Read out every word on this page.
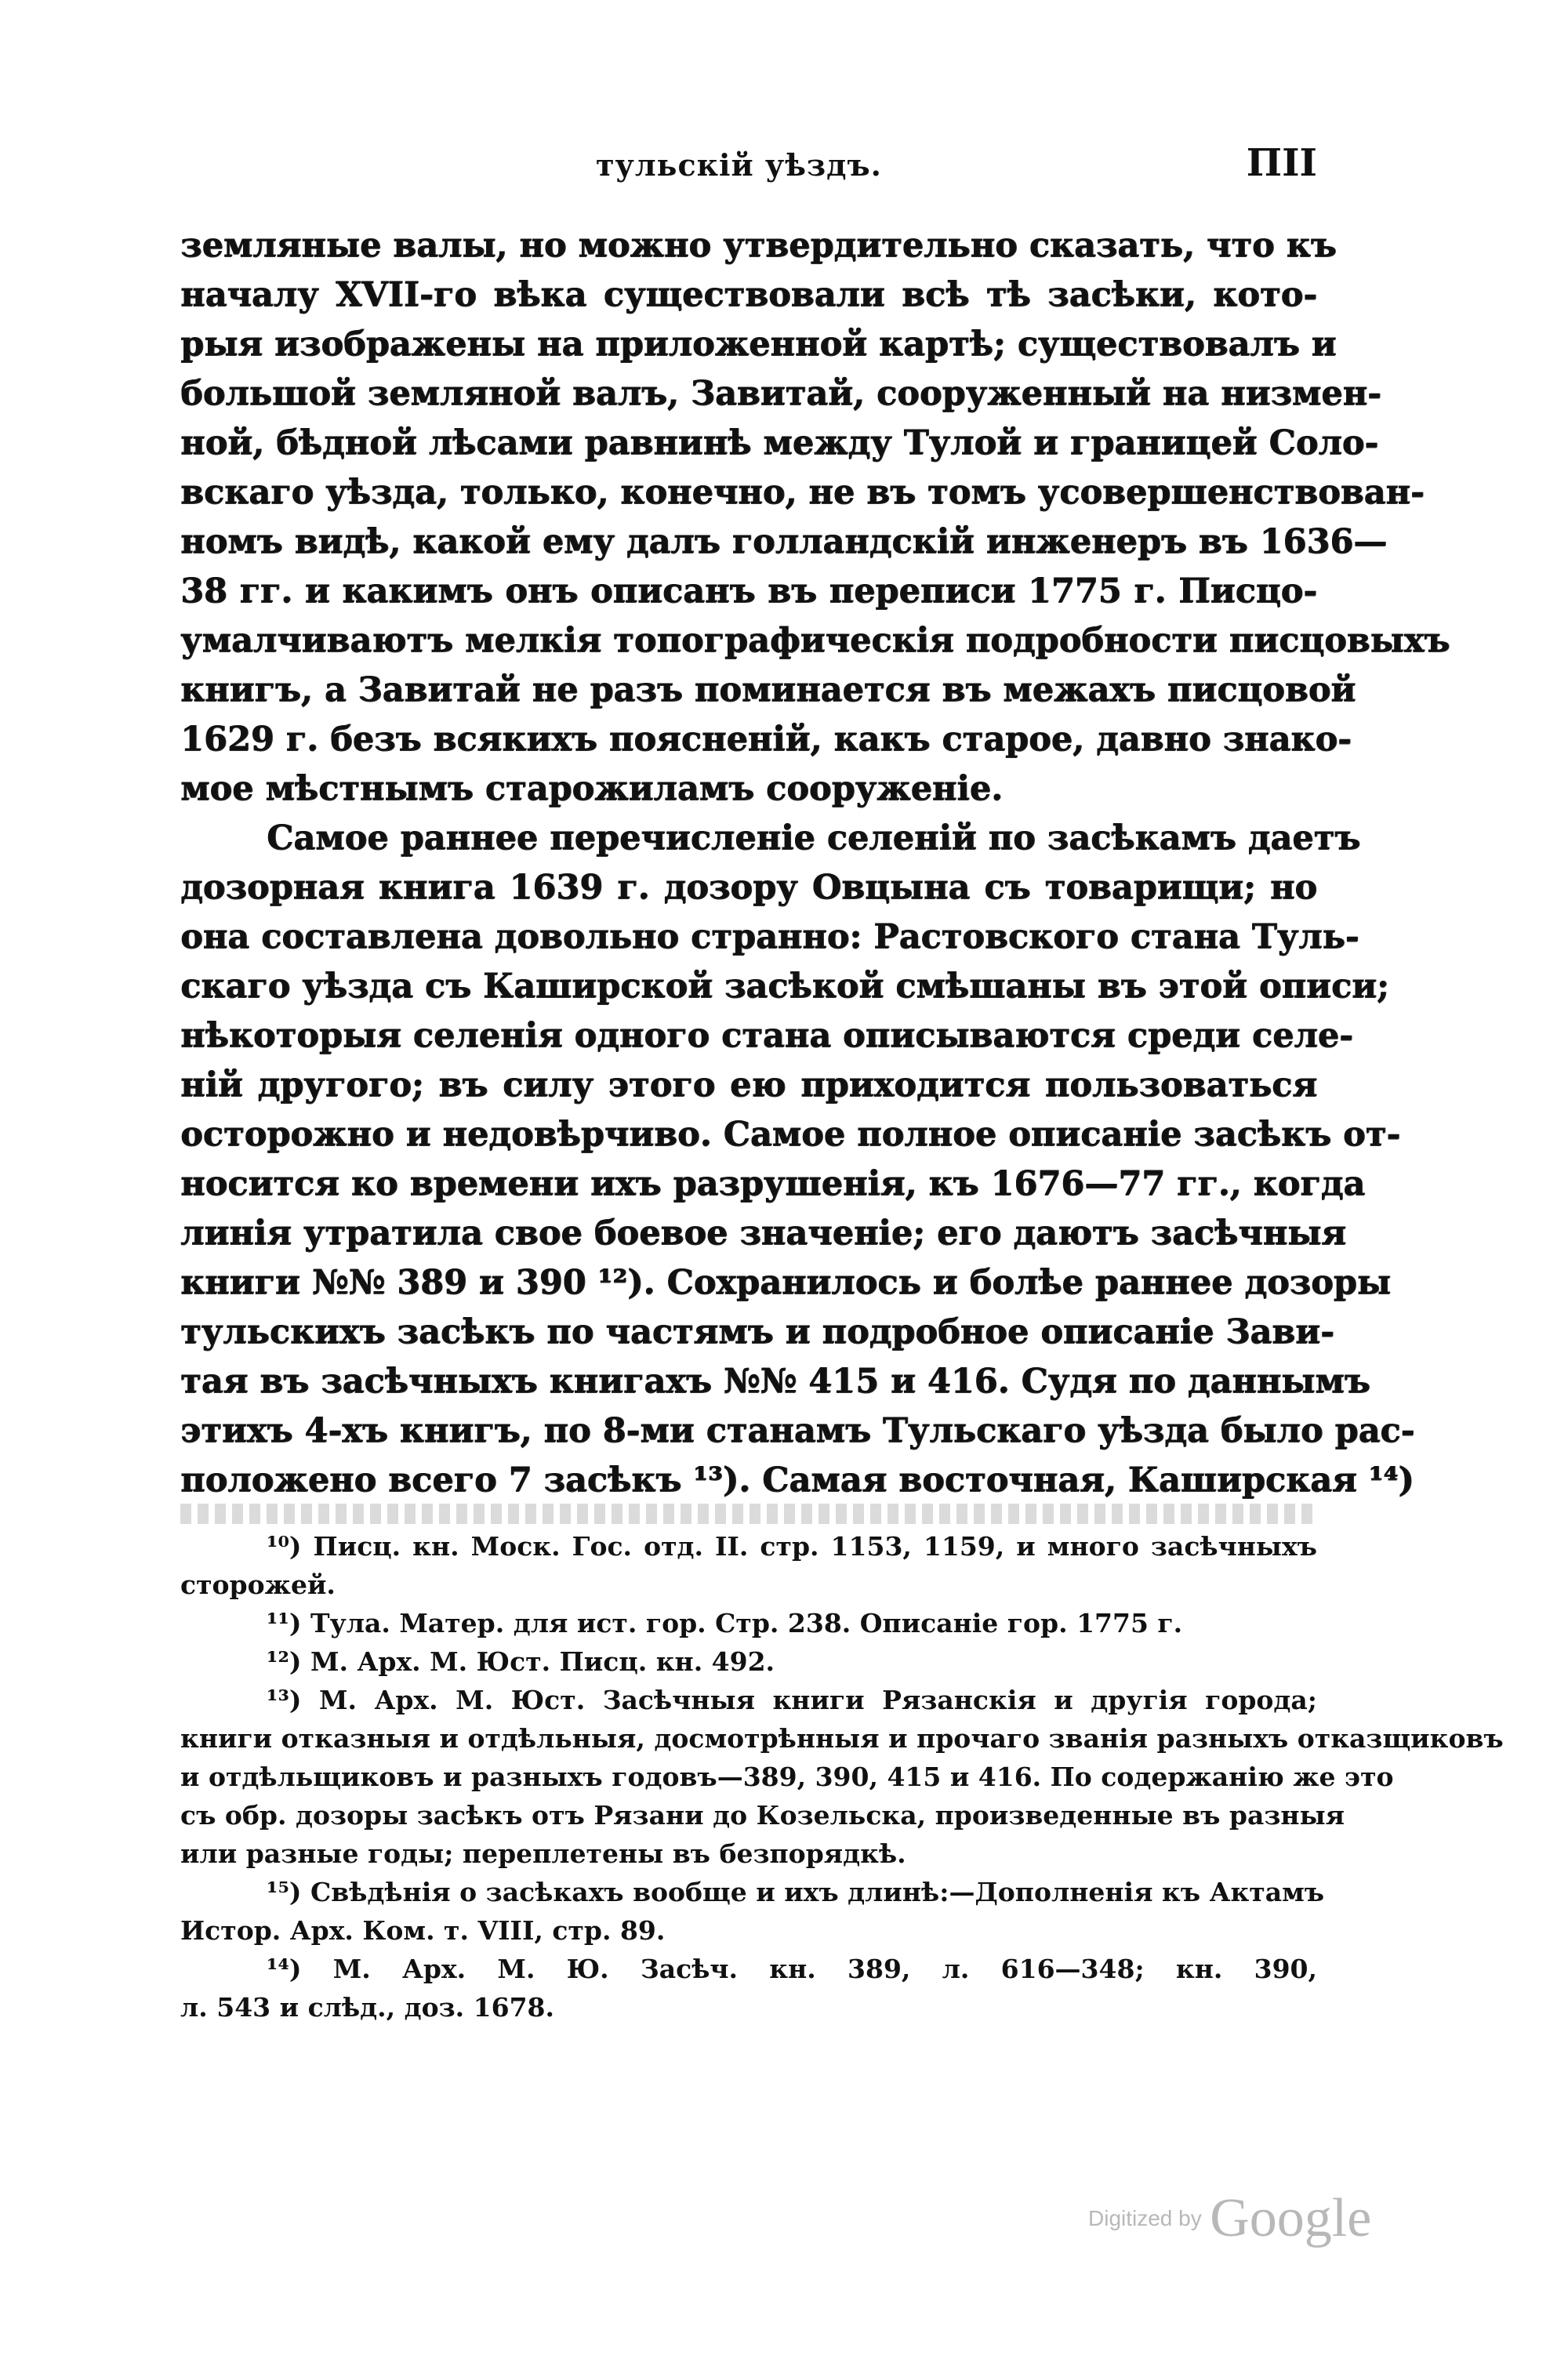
тульскій уѣздъ.	ПІІ
земляные валы, но можно утвердительно сказать, что къ
началу XVII-го вѣка существовали всѣ тѣ засѣки, кото-
рыя изображены на приложенной картѣ; существовалъ и
большой земляной валъ, Завитай, сооруженный на низмен-
ной, бѣдной лѣсами равнинѣ между Тулой и границей Соло-
вскаго уѣзда, только, конечно, не въ томъ усовершенствован-
номъ видѣ, какой ему далъ голландскій инженеръ въ 1636—
38 гг. и какимъ онъ описанъ въ переписи 1775 г. Писцо-
умалчиваютъ мелкія топографическія подробности писцовыхъ
книгъ, а Завитай не разъ поминается въ межахъ писцовой
1629 г. безъ всякихъ поясненій, какъ старое, давно знакo-
мое мѣстнымъ старожиламъ сооруженіе.
Самое раннее перечисленіе селеній по засѣкамъ даетъ
дозорная книга 1639 г. дозору Овцына съ товарищи; но
она составлена довольно странно: Растовского стана Туль-
скаго уѣзда съ Каширской засѣкой смѣшаны въ этой описи;
нѣкоторыя селенія одного стана описываются среди селе-
ній другого; въ силу этого ею приходится пользоваться
осторожно и недовѣрчиво. Самое полное описаніе засѣкъ от-
носится ко времени ихъ разрушенія, къ 1676—77 гг., когда
линія утратила свое боевое значеніе; его даютъ засѣчныя
книги №№ 389 и 390 ¹²). Сохранилось и болѣе раннее дозоры
тульскихъ засѣкъ по частямъ и подробное описаніе Зави-
тая въ засѣчныхъ книгахъ №№ 415 и 416. Судя по даннымъ
этихъ 4-хъ книгъ, по 8-ми станамъ Тульскаго уѣзда было рас-
положено всего 7 засѣкъ ¹³). Самая восточная, Каширская ¹⁴)
¹⁰) Писц. кн. Моск. Гос. отд. II. стр. 1153, 1159, и много засѣчныхъ
сторожей.
¹¹) Тула. Матер. для ист. гор. Стр. 238. Описаніе гор. 1775 г.
¹²) М. Арх. М. Юст. Писц. кн. 492.
¹³) М. Арх. М. Юст. Засѣчныя книги Рязанскія и другія города;
книги отказныя и отдѣльныя, досмотрѣнныя и прочаго званія разныхъ отказщиковъ
и отдѣльщиковъ и разныхъ годовъ—389, 390, 415 и 416. По содержанію же это
съ обр. дозоры засѣкъ отъ Рязани до Козельска, произведенные въ разныя
или разные годы; переплетены въ безпорядкѣ.
¹⁵) Свѣдѣнія о засѣкахъ вообще и ихъ длинѣ:—Дополненія къ Актамъ
Истор. Арх. Ком. т. VIII, стр. 89.
¹⁴) М. Арх. М. Ю. Засѣч. кн. 389, л. 616—348; кн. 390,
л. 543 и слѣд., доз. 1678.
Digitized by Google
